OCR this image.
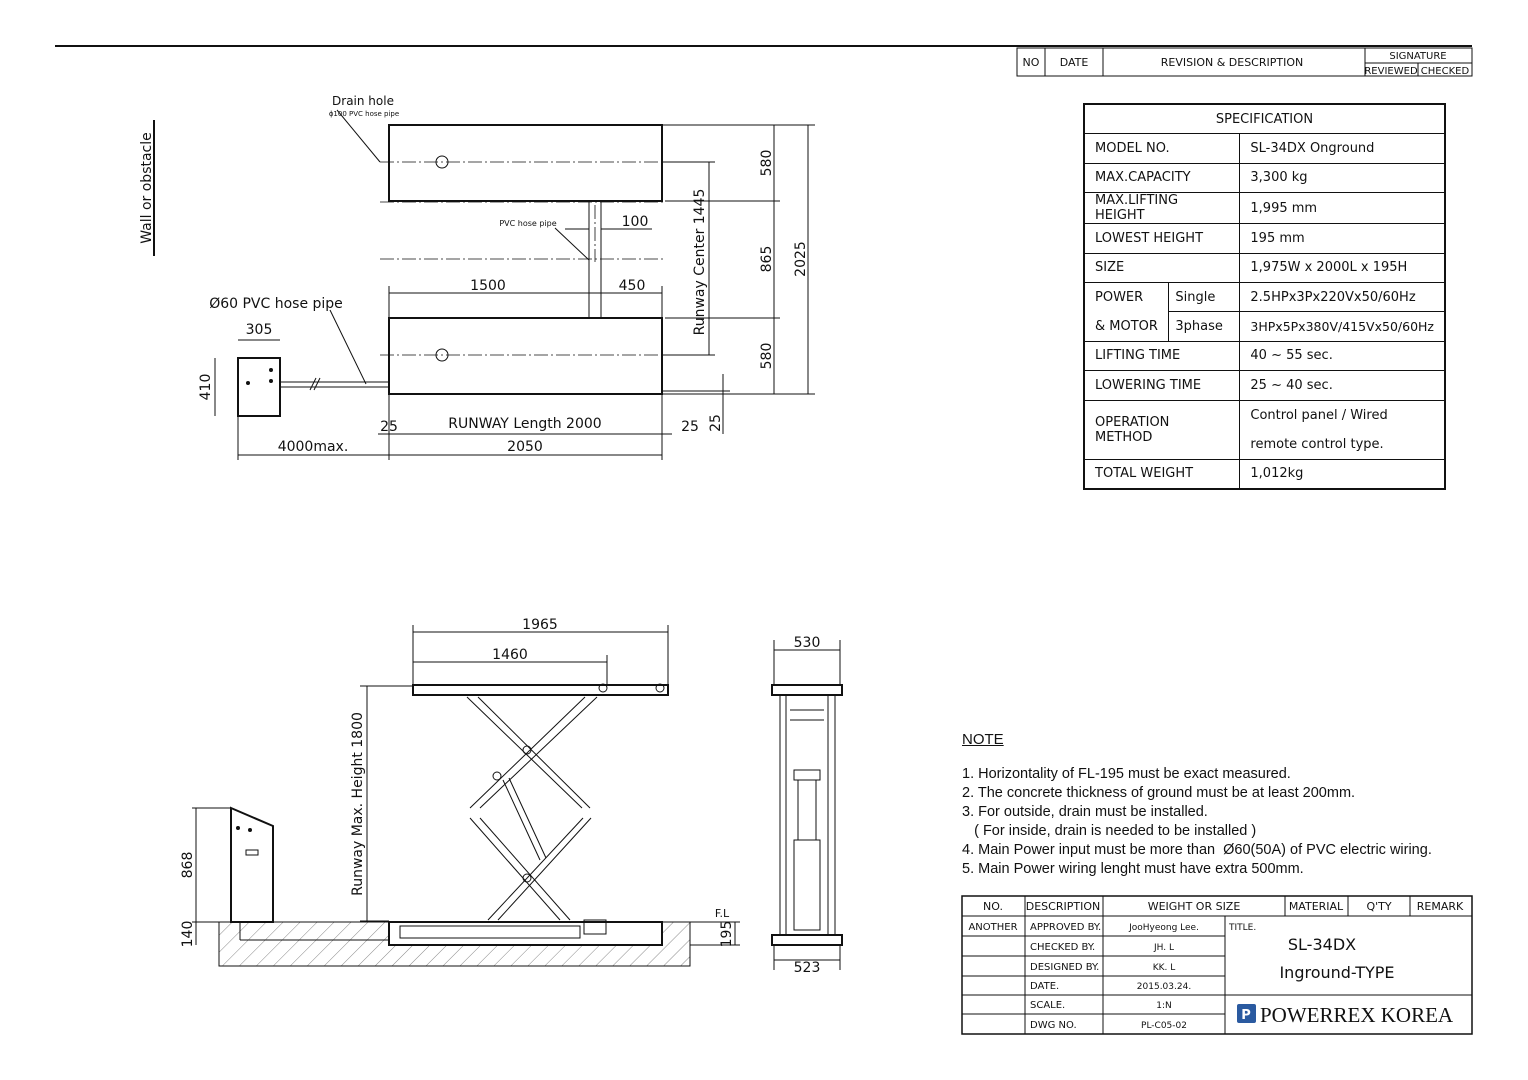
NO DATE	REVISION & DESCRIPTION	SIGNATURE
REVIEWED CHECKED
Wall or obstacle
Drain hole
ϕ100 PVC hose pipe
100
PVC hose pipe
1500	450
305
410
Ø60 PVC hose pipe
25	RUNWAY Length 2000	25
4000max.	2050
25
Runway Center 1445
580
865
580
2025
1965
1460
Runway Max. Height 1800
868
140
F.L
195
530
523
NO. DESCRIPTION	WEIGHT OR SIZE	MATERIAL Q'TY REMARK
ANOTHER APPROVED BY.	JooHyeong Lee.
CHECKED BY.	JH. L
DESIGNED BY.	KK. L
DATE.	2015.03.24.
SCALE.	1:N
DWG NO.	PL-C05-02
TITLE.
SL-34DX
Inground-TYPE
P POWERREX KOREA
SPECIFICATION		
MODEL NO.		SL-34DX Onground
MAX.CAPACITY		3,300 kg
MAX.LIFTING HEIGHT		1,995 mm
LOWEST HEIGHT		195 mm
SIZE		1,975W x 2000L x 195H
POWER	Single	2.5HPx3Px220Vx50/60Hz
& MOTOR	3phase	3HPx5Px380V/415Vx50/60Hz
LIFTING TIME		40 ~ 55 sec.
LOWERING TIME		25 ~ 40 sec.
OPERATION METHOD		Control panel / Wired
remote control type.
TOTAL WEIGHT		1,012kg
NOTE
1. Horizontality of FL-195 must be exact measured.
2. The concrete thickness of ground must be at least 200mm.
3. For outside, drain must be installed.
( For inside, drain is needed to be installed )
4. Main Power input must be more than  Ø60(50A) of PVC electric wiring.
5. Main Power wiring lenght must have extra 500mm.
